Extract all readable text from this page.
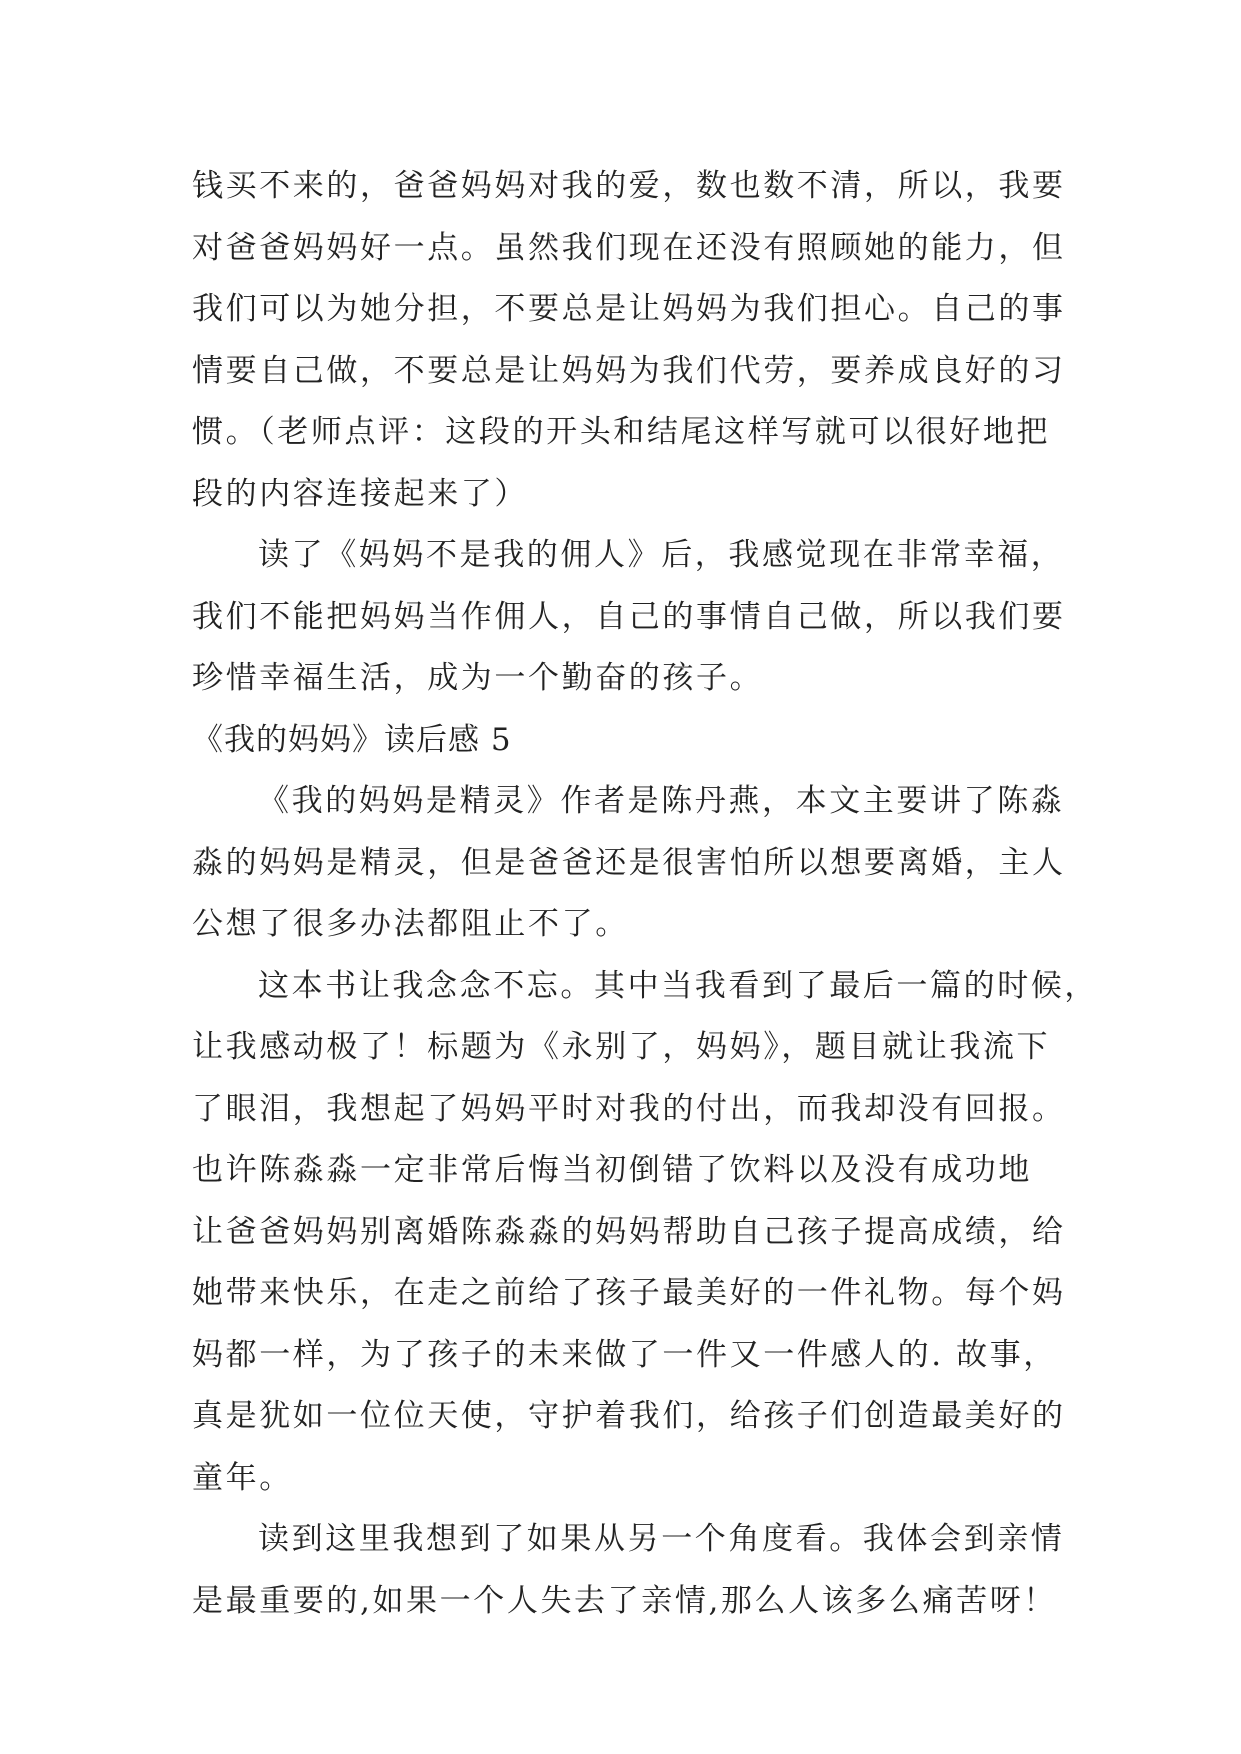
钱买不来的，爸爸妈妈对我的爱，数也数不清，所以，我要
对爸爸妈妈好一点。虽然我们现在还没有照顾她的能力，但
我们可以为她分担，不要总是让妈妈为我们担心。自己的事
情要自己做，不要总是让妈妈为我们代劳，要养成良好的习
惯。（老师点评：这段的开头和结尾这样写就可以很好地把
段的内容连接起来了）
读了《妈妈不是我的佣人》后，我感觉现在非常幸福，
我们不能把妈妈当作佣人，自己的事情自己做，所以我们要
珍惜幸福生活，成为一个勤奋的孩子。
《我的妈妈》读后感 5
《我的妈妈是精灵》作者是陈丹燕，本文主要讲了陈淼
淼的妈妈是精灵，但是爸爸还是很害怕所以想要离婚，主人
公想了很多办法都阻止不了。
这本书让我念念不忘。其中当我看到了最后一篇的时候，
让我感动极了！标题为《永别了，妈妈》，题目就让我流下
了眼泪，我想起了妈妈平时对我的付出，而我却没有回报。
也许陈淼淼一定非常后悔当初倒错了饮料以及没有成功地
让爸爸妈妈别离婚陈淼淼的妈妈帮助自己孩子提高成绩，给
她带来快乐，在走之前给了孩子最美好的一件礼物。每个妈
妈都一样，为了孩子的未来做了一件又一件感人的. 故事，
真是犹如一位位天使，守护着我们，给孩子们创造最美好的
童年。
读到这里我想到了如果从另一个角度看。我体会到亲情
是最重要的,如果一个人失去了亲情,那么人该多么痛苦呀！
